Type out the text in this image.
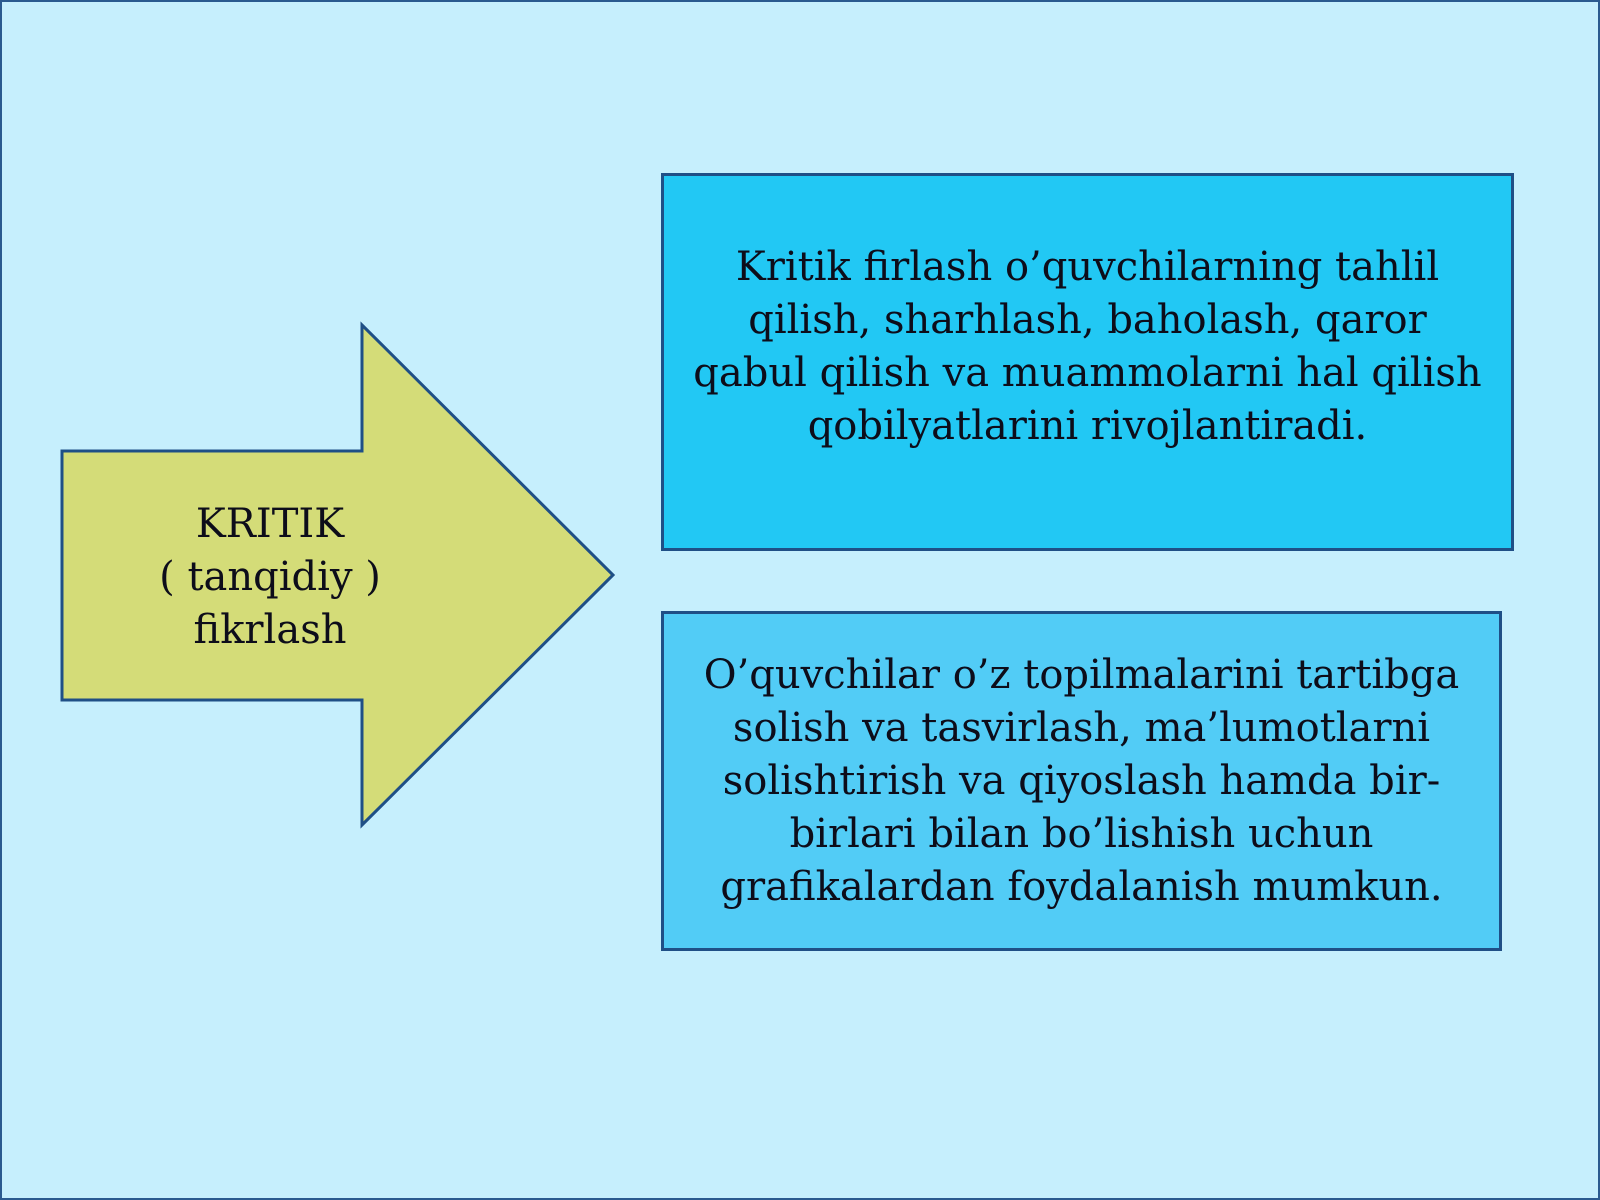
KRITIK
( tanqidiy )
fikrlash
Kritik firlash o’quvchilarning tahlil qilish, sharhlash, baholash, qaror qabul qilish va muammolarni hal qilish qobilyatlarini rivojlantiradi.
O’quvchilar o’z topilmalarini tartibga solish va tasvirlash, ma’lumotlarni solishtirish va qiyoslash hamda bir-birlari bilan bo’lishish uchun grafikalardan foydalanish mumkun.
